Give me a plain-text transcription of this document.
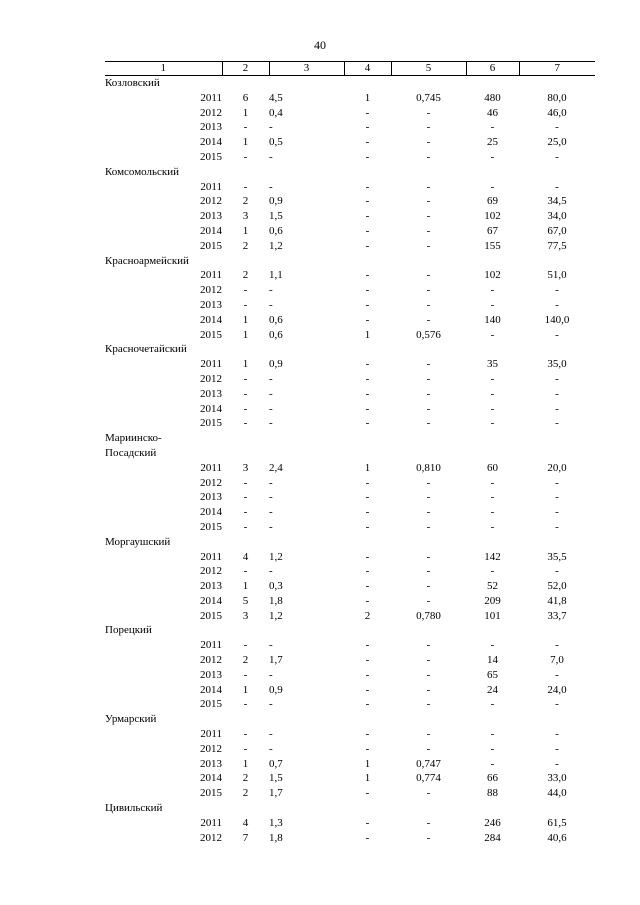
40
1	2	3	4	5	6	7
Козловский						
2011	6	4,5	1	0,745	480	80,0
2012	1	0,4	-	-	46	46,0
2013	-	-	-	-	-	-
2014	1	0,5	-	-	25	25,0
2015	-	-	-	-	-	-
Комсомольский						
2011	-	-	-	-	-	-
2012	2	0,9	-	-	69	34,5
2013	3	1,5	-	-	102	34,0
2014	1	0,6	-	-	67	67,0
2015	2	1,2	-	-	155	77,5
Красноармейский						
2011	2	1,1	-	-	102	51,0
2012	-	-	-	-	-	-
2013	-	-	-	-	-	-
2014	1	0,6	-	-	140	140,0
2015	1	0,6	1	0,576	-	-
Красночетайский						
2011	1	0,9	-	-	35	35,0
2012	-	-	-	-	-	-
2013	-	-	-	-	-	-
2014	-	-	-	-	-	-
2015	-	-	-	-	-	-
Мариинско-						
Посадский						
2011	3	2,4	1	0,810	60	20,0
2012	-	-	-	-	-	-
2013	-	-	-	-	-	-
2014	-	-	-	-	-	-
2015	-	-	-	-	-	-
Моргаушский						
2011	4	1,2	-	-	142	35,5
2012	-	-	-	-	-	-
2013	1	0,3	-	-	52	52,0
2014	5	1,8	-	-	209	41,8
2015	3	1,2	2	0,780	101	33,7
Порецкий						
2011	-	-	-	-	-	-
2012	2	1,7	-	-	14	7,0
2013	-	-	-	-	65	-
2014	1	0,9	-	-	24	24,0
2015	-	-	-	-	-	-
Урмарский						
2011	-	-	-	-	-	-
2012	-	-	-	-	-	-
2013	1	0,7	1	0,747	-	-
2014	2	1,5	1	0,774	66	33,0
2015	2	1,7	-	-	88	44,0
Цивильский						
2011	4	1,3	-	-	246	61,5
2012	7	1,8	-	-	284	40,6
